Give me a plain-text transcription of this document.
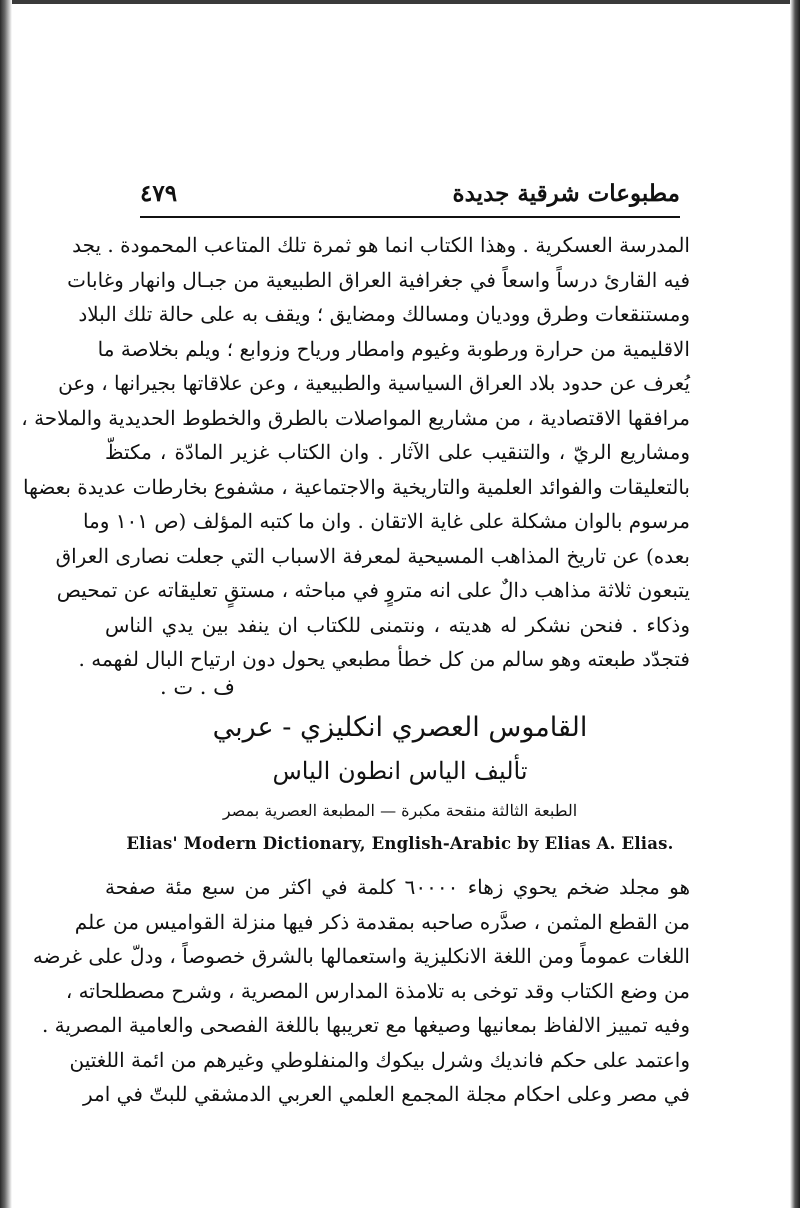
مطبوعات شرقية جديدة
٤٧٩
المدرسة العسكرية . وهذا الكتاب انما هو ثمرة تلك المتاعب المحمودة . يجد
فيه القارئ درساً واسعاً في جغرافية العراق الطبيعية من جبـال وانهار وغابات
ومستنقعات وطرق ووديان ومسالك ومضايق ؛ ويقف به على حالة تلك البلاد
الاقليمية من حرارة ورطوبة وغيوم وامطار ورياح وزوابع ؛ ويلم بخلاصة ما
يُعرف عن حدود بلاد العراق السياسية والطبيعية ، وعن علاقاتها بجيرانها ، وعن
مرافقها الاقتصادية ، من مشاريع المواصلات بالطرق والخطوط الحديدية والملاحة ،
ومشاريع الريّ ، والتنقيب على الآثار . وان الكتاب غزير المادّة ، مكتظّ
بالتعليقات والفوائد العلمية والتاريخية والاجتماعية ، مشفوع بخارطات عديدة بعضها
مرسوم بالوان مشكلة على غاية الاتقان . وان ما كتبه المؤلف (ص ١٠١ وما
بعده) عن تاريخ المذاهب المسيحية لمعرفة الاسباب التي جعلت نصارى العراق
يتبعون ثلاثة مذاهب دالٌ على انه متروٍ في مباحثه ، مستقٍ تعليقاته عن تمحيص
وذكاء . فنحن نشكر له هديته ، ونتمنى للكتاب ان ينفد بين يدي الناس
فتجدّد طبعته وهو سالم من كل خطأ مطبعي يحول دون ارتياح البال لفهمه .
ف . ت .
القاموس العصري انكليزي - عربي
تأليف الياس انطون الياس
الطبعة الثالثة منقحة مكبرة — المطبعة العصرية بمصر
Elias' Modern Dictionary, English-Arabic by Elias A. Elias.
هو مجلد ضخم يحوي زهاء ٦٠٠٠٠ كلمة في اكثر من سبع مئة صفحة
من القطع المثمن ، صدَّره صاحبه بمقدمة ذكر فيها منزلة القواميس من علم
اللغات عموماً ومن اللغة الانكليزية واستعمالها بالشرق خصوصاً ، ودلّ على غرضه
من وضع الكتاب وقد توخى به تلامذة المدارس المصرية ، وشرح مصطلحاته ،
وفيه تمييز الالفاظ بمعانيها وصيغها مع تعريبها باللغة الفصحى والعامية المصرية .
واعتمد على حكم فانديك وشرل بيكوك والمنفلوطي وغيرهم من ائمة اللغتين
في مصر وعلى احكام مجلة المجمع العلمي العربي الدمشقي للبتّ في امر
